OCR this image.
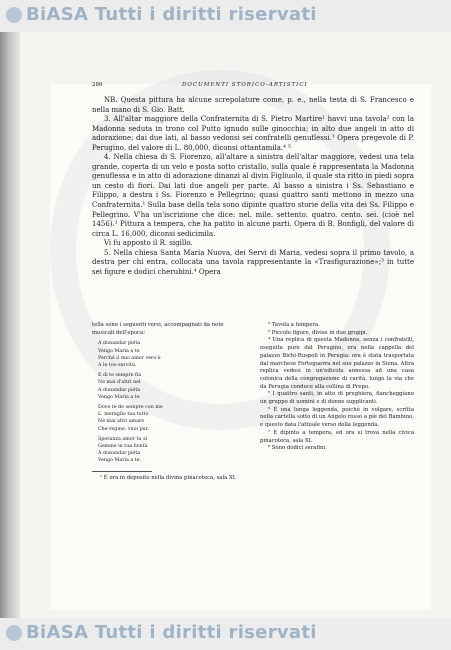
BiASA Tutti i diritti riservati
286	DOCUMENTI STORICO-ARTISTICI

NB. Questa pittura ha alcune screpolature come, p. e., nella testa di S. Francesco e nella mano di S. Gio. Batt.

3. All'altar maggiore della Confraternita di S. Pietro Martire¹ havvi una tavola² con la Madonna seduta in trono col Putto ignudo sulle ginocchia; in alto due angeli in atto di adorazione; dai due lati, al basso vedonsi sei confratelli genuflessi.³ Opera pregevole di P. Perugino, del valore di L. 80,000, diconsi ottantamila.⁴ ⁵

4. Nella chiesa di S. Fiorenzo, all'altare a sinistra dell'altar maggiore, vedesi una tela grande, coperta di un velo e posta sotto cristallo, sulla quale è rappresentata la Madonna genuflessa e in atto di adorazione dinanzi al divin Figliuolo, il quale sta ritto in piedi sopra un cesto di fiori. Dai lati due angeli per parte. Al basso a sinistra i Ss. Sebastiano e Filippo, a destra i Ss. Fiorenzo e Pellegrino; quasi quattro santi mettono in mezzo una Confraternita.¹ Sulla base della tela sono dipinte quattro storie della vita dei Ss. Filippo e Pellegrino. V'ha un'iscrizione che dice: nel. mile. settento. quatro. cento. sei. (cioè nel 1456).² Pittura a tempera, che ha patito in alcune parti. Opera di B. Bonfigli, del valore di circa L. 16,000, diconsi sedicimila.

Vi fu apposto il R. sigillo.

5. Nella chiesa Santa Maria Nuova, dei Servi di Maria, vedesi sopra il primo tavolo, a destra per chi entra, collocata una tavola rappresentante la «Trasfigurazione»;³ in tutte sei figure e dodici cherubini.⁴ Opera

tella sono i seguenti versi, accompagnati da note musicali dell'epoca:
A dunandar piéta
Vengo Maria a te
Perché il mio amor vero è
A le too servitù.
E di te sempre fia
Ne mai d'altri nel
A dunandar piéta
Vengo Maria a te
Dove te do sempre con me
L. meraglio tua tutto
Né mai altri amare
Che regine, vuoi pur.
Speranza amor tu sì
Gemme in tua bontà
A dunandar piéta
Vengo Maria a te.

¹ È ora in deposito nella divina pinacoteca, sala XI.

² Tavola a tempera.

³ Piccole figure, divise in due gruppi.

⁴ Una replica di questa Madonna, senza i confratelli, eseguita pure dal Perugino, era nella cappella del palazzo Bichi-Ruspoli in Perugia: ora è stata trasportata dal marchese Forteguerra nel suo palazzo in Siena. Altra replica vedesi in un'edicola annessa ad una casa colonica della congregazione di carità, lungo la via che da Perugia conduce alla collina di Prepo.

⁵ I quattro santi, in atto di preghiera, fiancheggiano un gruppo di uomini e di donne supplicanti.

⁶ È una lunga leggenda, poiché in volgare, scritta nella cartella sotto di un Angelo rosso a piè del Bambino, e questo data l'attuale verso della leggenda.

⁷ È dipinta a tempera, ed ora si trova nella civica pinacoteca, sala XI.

⁸ Sono dodici serafini.

BiASA Tutti i diritti riservati
